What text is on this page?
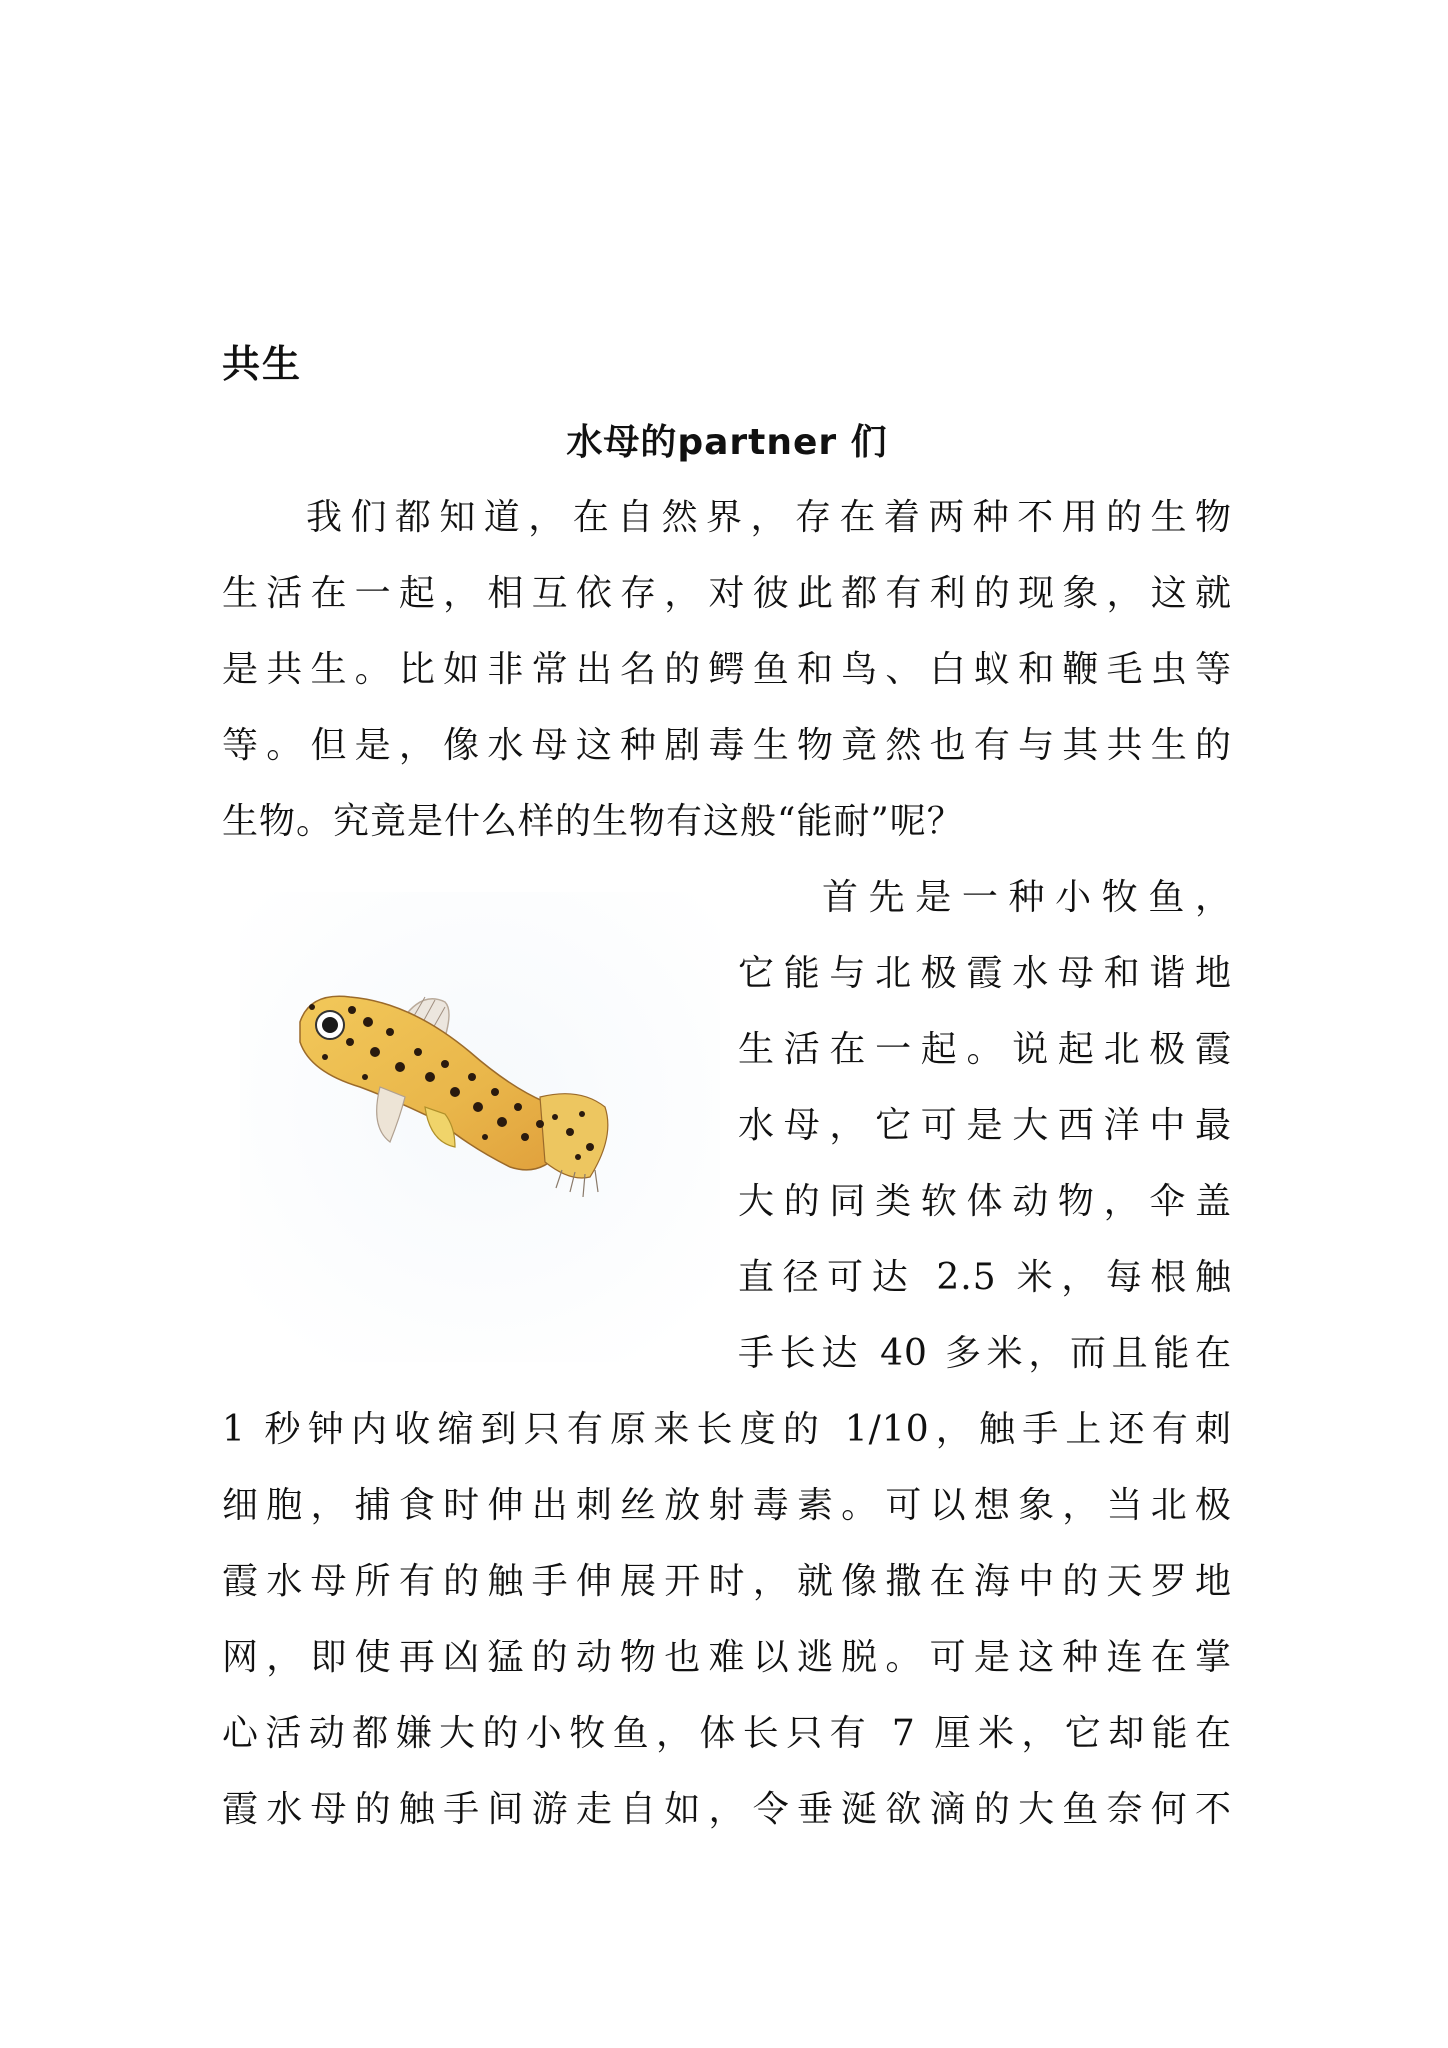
共生
水母的partner 们
我们都知道，在自然界，存在着两种不用的生物
生活在一起，相互依存，对彼此都有利的现象，这就
是共生。比如非常出名的鳄鱼和鸟、白蚁和鞭毛虫等
等。但是，像水母这种剧毒生物竟然也有与其共生的
生物。究竟是什么样的生物有这般“能耐”呢？
首先是一种小牧鱼，
它能与北极霞水母和谐地
生活在一起。说起北极霞
水母，它可是大西洋中最
大的同类软体动物，伞盖
直径可达 2.5 米，每根触
手长达 40 多米，而且能在
1 秒钟内收缩到只有原来长度的 1/10，触手上还有刺
细胞，捕食时伸出刺丝放射毒素。可以想象，当北极
霞水母所有的触手伸展开时，就像撒在海中的天罗地
网，即使再凶猛的动物也难以逃脱。可是这种连在掌
心活动都嫌大的小牧鱼，体长只有 7 厘米，它却能在
霞水母的触手间游走自如，令垂涎欲滴的大鱼奈何不
